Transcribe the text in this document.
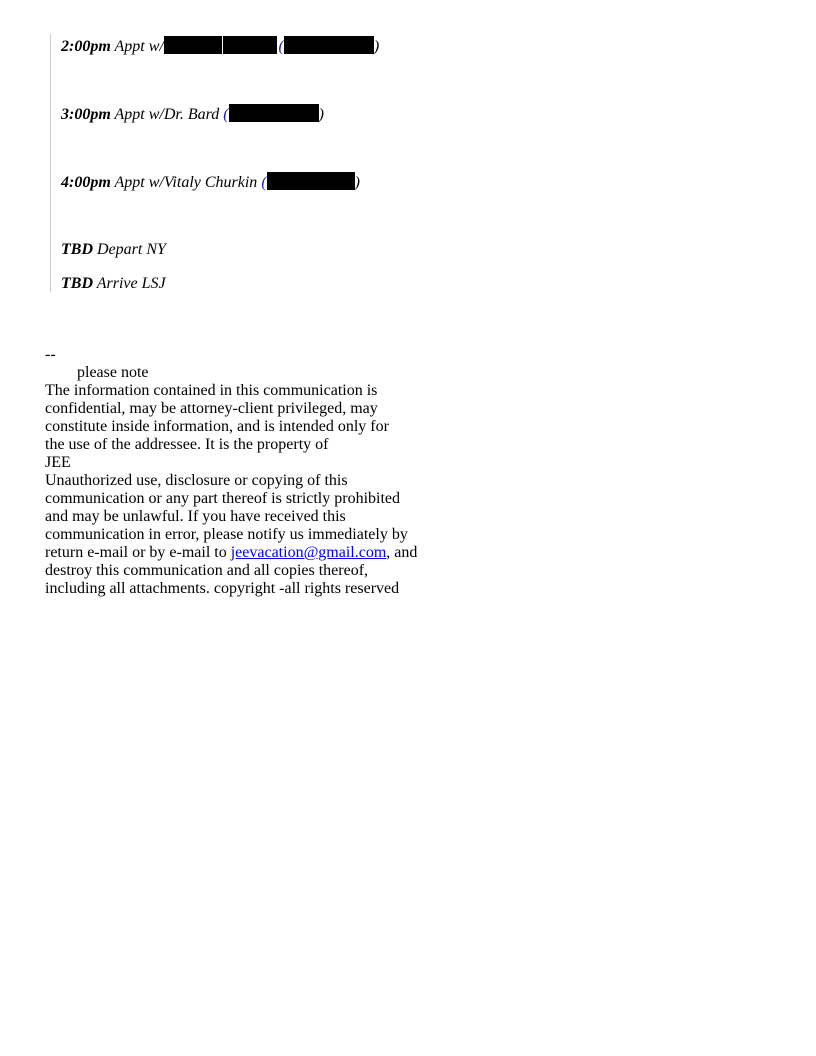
2:00pm Appt w/  	(	)
3:00pm Appt w/Dr. Bard (	)
4:00pm Appt w/Vitaly Churkin (	)
TBD Depart NY
TBD Arrive LSJ
--
please note
The information contained in this communication is
confidential, may be attorney-client privileged, may
constitute inside information, and is intended only for
the use of the addressee. It is the property of
JEE
Unauthorized use, disclosure or copying of this
communication or any part thereof is strictly prohibited
and may be unlawful. If you have received this
communication in error, please notify us immediately by
return e-mail or by e-mail to jeevacation@gmail.com, and
destroy this communication and all copies thereof,
including all attachments. copyright -all rights reserved
